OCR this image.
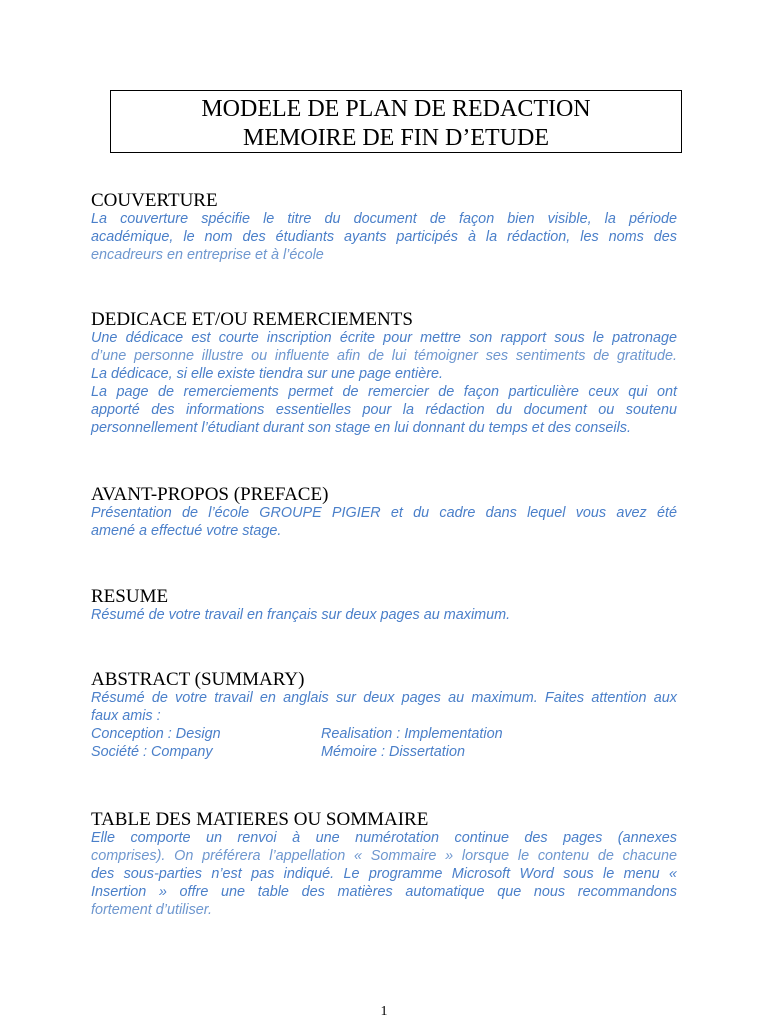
MODELE DE PLAN DE REDACTION
MEMOIRE DE FIN D’ETUDE
COUVERTURE
La couverture spécifie le titre du document de façon bien visible, la période
académique, le nom des étudiants ayants participés à la rédaction, les noms des
encadreurs en entreprise et à l’école
DEDICACE ET/OU REMERCIEMENTS
Une dédicace est courte inscription écrite pour mettre son rapport sous le patronage
d’une personne illustre ou influente afin de lui témoigner ses sentiments de gratitude.
La dédicace, si elle existe tiendra sur une page entière.
La page de remerciements permet de remercier de façon particulière ceux qui ont
apporté des informations essentielles pour la rédaction du document ou soutenu
personnellement l’étudiant durant son stage en lui donnant du temps et des conseils.
AVANT-PROPOS (PREFACE)
Présentation de l’école GROUPE PIGIER et du cadre dans lequel vous avez été
amené a effectué votre stage.
RESUME
Résumé de votre travail en français sur deux pages au maximum.
ABSTRACT (SUMMARY)
Résumé de votre travail en anglais sur deux pages au maximum. Faites attention aux
faux amis :
Conception : Design	Realisation : Implementation
Société : Company	Mémoire : Dissertation
TABLE DES MATIERES OU SOMMAIRE
Elle comporte un renvoi à une numérotation continue des pages (annexes
comprises). On préférera l’appellation « Sommaire » lorsque le contenu de chacune
des sous-parties n’est pas indiqué. Le programme Microsoft Word sous le menu «
Insertion » offre une table des matières automatique que nous recommandons
fortement d’utiliser.
1
